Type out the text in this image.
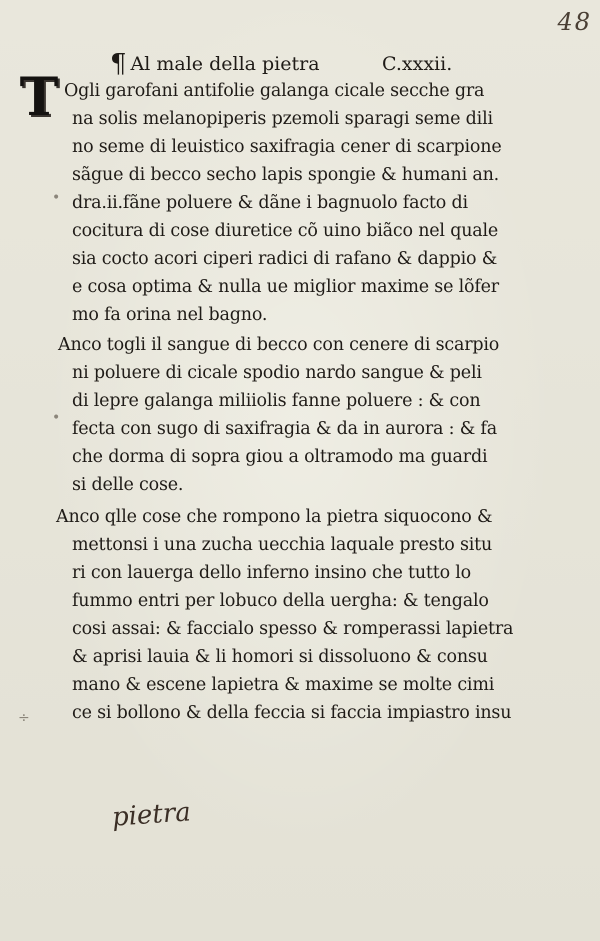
48
¶ Al male della pietra	C.xxxii.
T Ogli garofani antifolie galanga cicale secche gra
na solis melanopiperis pzemoli sparagi seme dili
no seme di leuistico saxifragia cener di scarpione
sãgue di becco secho lapis spongie & humani an.
dra.ii.fãne poluere & dãne i bagnuolo facto di
cocitura di cose diuretice cõ uino biãco nel quale
sia cocto acori ciperi radici di rafano & dappio &
e cosa optima & nulla ue miglior maxime se lõfer
mo fa orina nel bagno.
Anco togli il sangue di becco con cenere di scarpio
ni poluere di cicale spodio nardo sangue & peli
di lepre galanga miliiolis fanne poluere : & con
fecta con sugo di saxifragia & da in aurora : & fa
che dorma di sopra giou a oltramodo ma guardi
si delle cose.
Anco qlle cose che rompono la pietra siquocono &
mettonsi i una zucha uecchia laquale presto situ
ri con lauerga dello inferno insino che tutto lo
fummo entri per lobuco della uergha: & tengalo
cosi assai: & faccialo spesso & romperassi lapietra
& aprisi lauia & li homori si dissoluono & consu
mano & escene lapietra & maxime se molte cimi
ce si bollono & della feccia si faccia impiastro insu
•
•
÷
pietra
